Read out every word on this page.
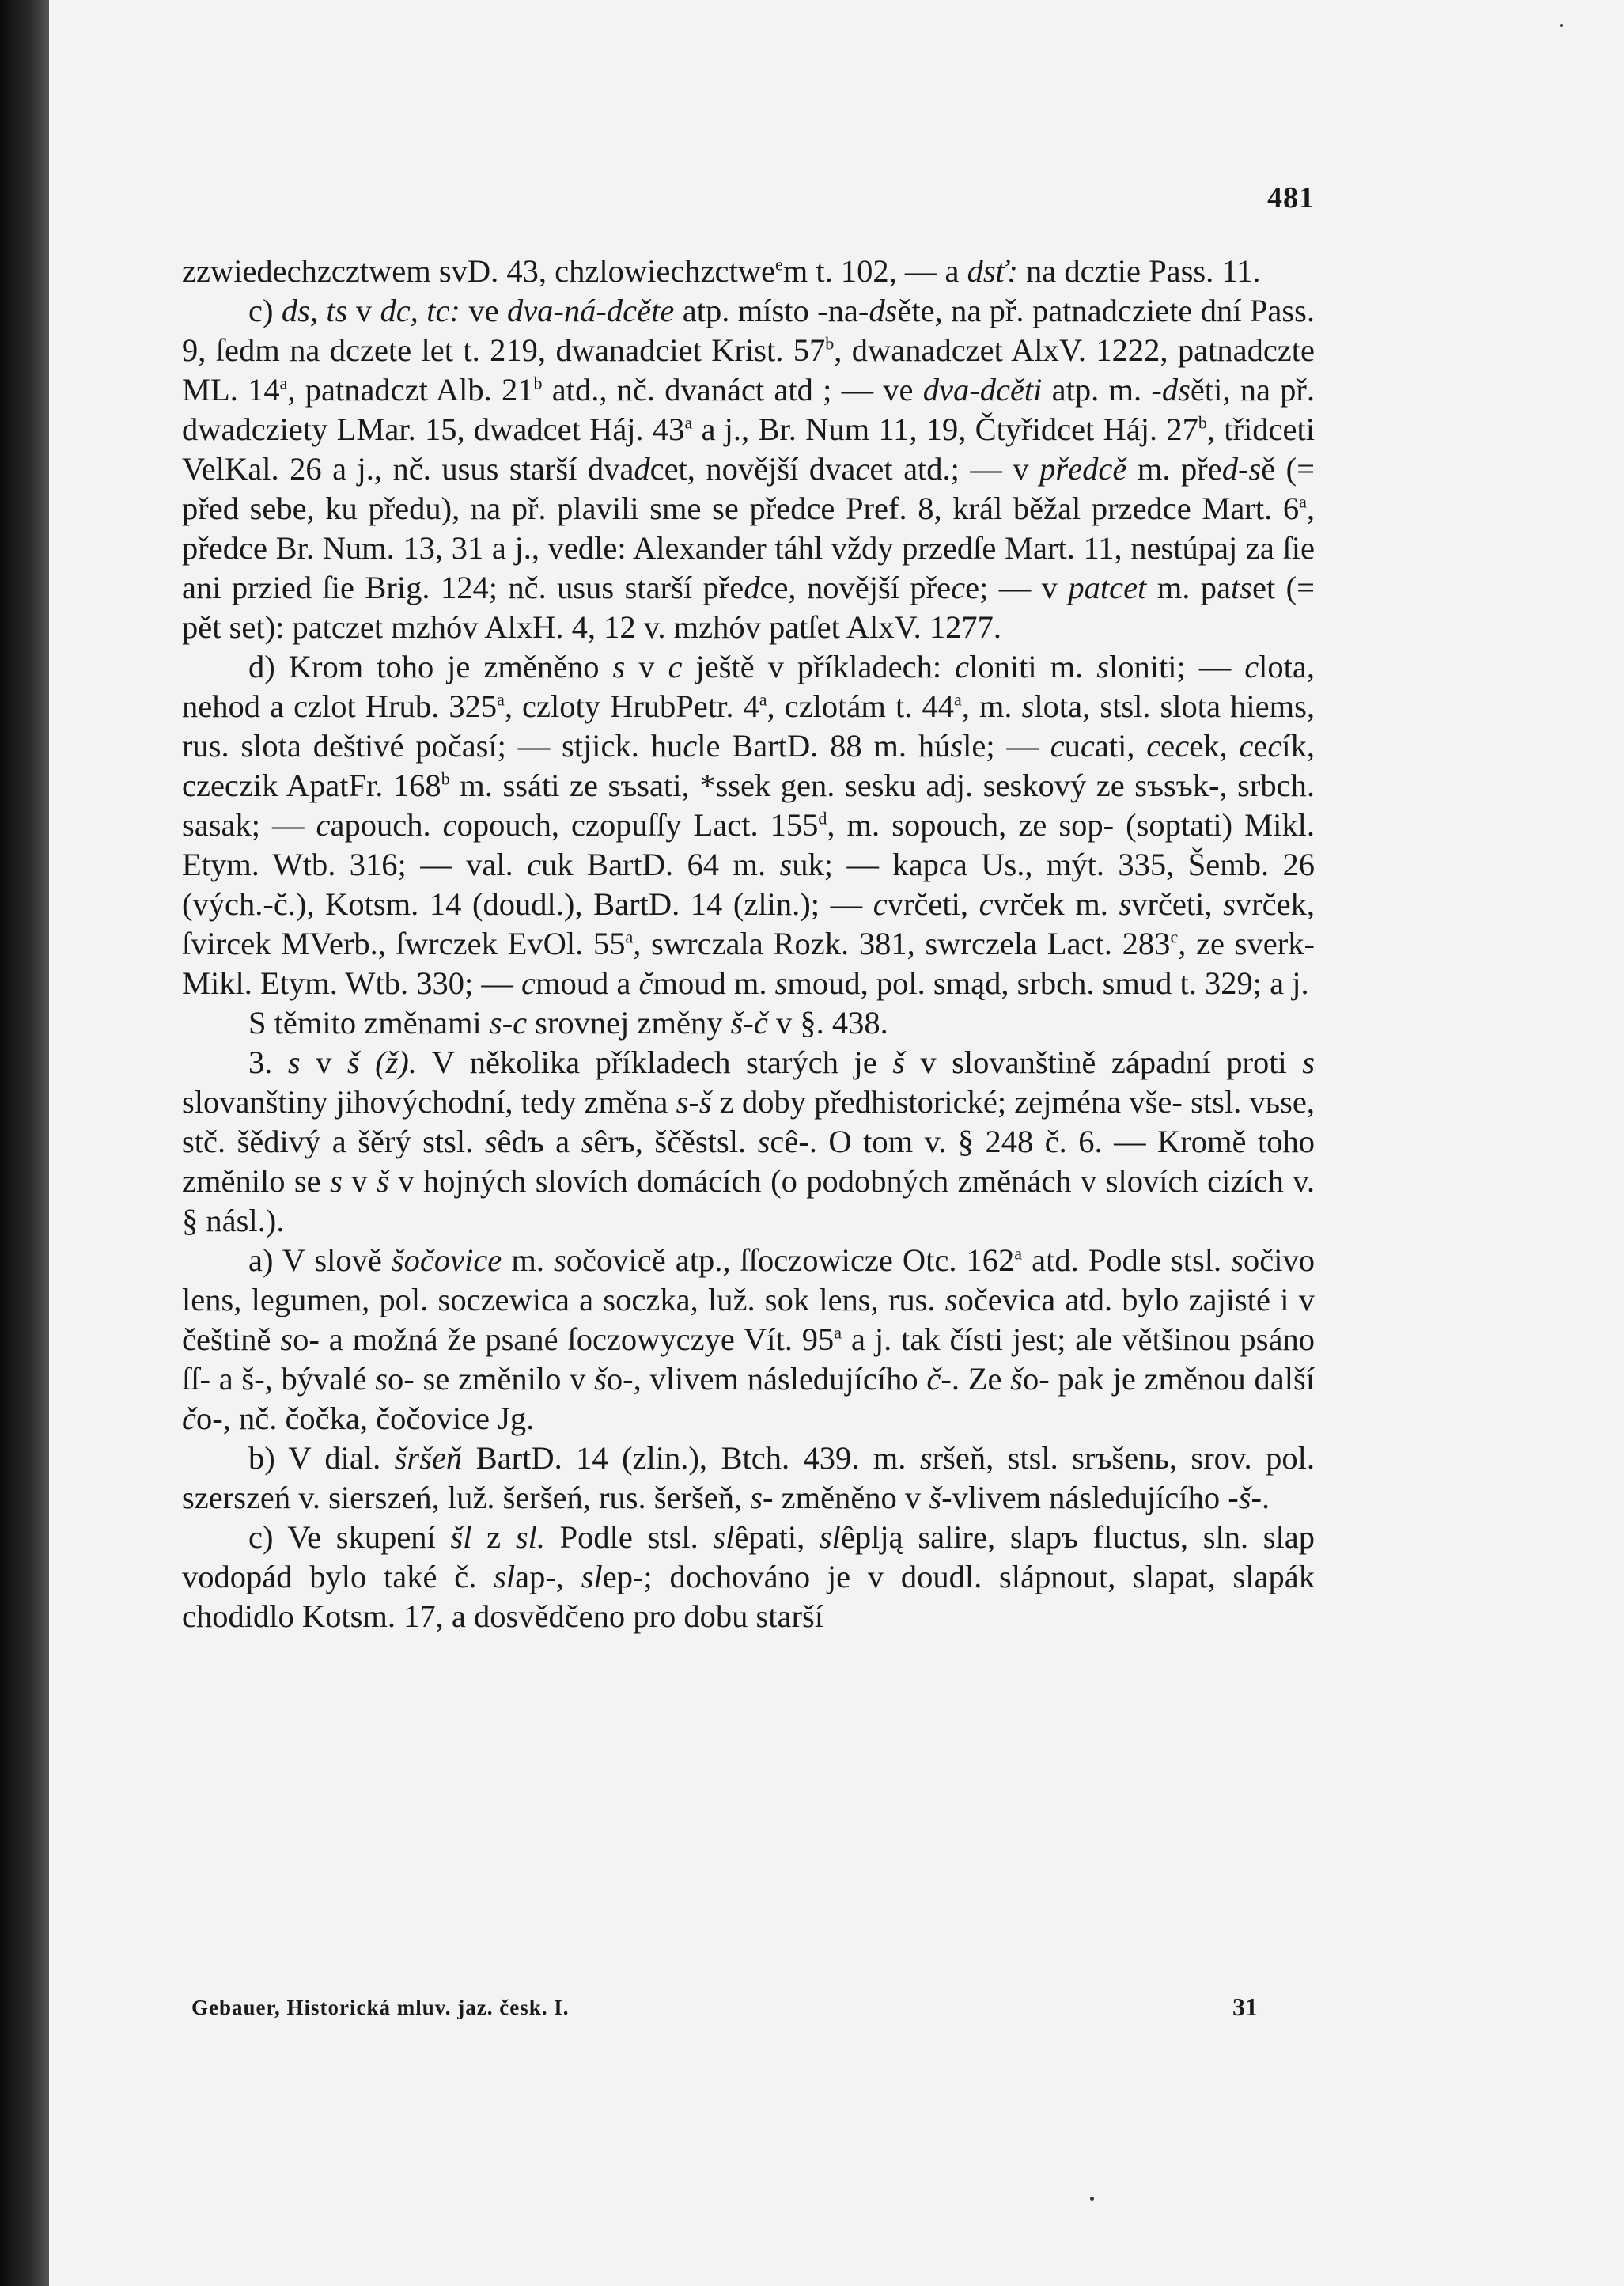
481

zzwiedechzcztwem svD. 43, chzlowiechzctwe$^e$m t. 102, — a dsť: na dcztie Pass. 11.

c) ds, ts v dc, tc: ve dva-ná-dcěte atp. místo -na-dsěte, na př. patnadcziete dní Pass. 9, ſedm na dczete let t. 219, dwanadciet Krist. 57$^b$, dwanadczet AlxV. 1222, patnadczte ML. 14$^a$, patnadczt Alb. 21$^b$ atd., nč. dvanáct atd ; — ve dva-dcěti atp. m. -dsěti, na př. dwadcziety LMar. 15, dwadcet Háj. 43$^a$ a j., Br. Num 11, 19, Čtyřidcet Háj. 27$^b$, třidceti VelKal. 26 a j., nč. usus starší dvadcet, novější dvacet atd.; — v předcě m. před-sě (= před sebe, ku předu), na př. plavili sme se předce Pref. 8, král běžal przedce Mart. 6$^a$, předce Br. Num. 13, 31 a j., vedle: Alexander táhl vždy przedſe Mart. 11, nestúpaj za ſie ani przied ſie Brig. 124; nč. usus starší předce, novější přece; — v patcet m. patset (= pět set): patczet mzhóv AlxH. 4, 12 v. mzhóv patſet AlxV. 1277.

d) Krom toho je změněno s v c ještě v příkladech: cloniti m. sloniti; — clota, nehod a czlot Hrub. 325$^a$, czloty HrubPetr. 4$^a$, czlotám t. 44$^a$, m. slota, stsl. slota hiems, rus. slota deštivé počasí; — stjick. hucle BartD. 88 m. húsle; — cucati, cecek, cecík, czeczik ApatFr. 168$^b$ m. ssáti ze sъsati, *ssek gen. sesku adj. seskový ze sъsъk-, srbch. sasak; — capouch. copouch, czopuſſy Lact. 155$^d$, m. sopouch, ze sop- (soptati) Mikl. Etym. Wtb. 316; — val. cuk BartD. 64 m. suk; — kapca Us., mýt. 335, Šemb. 26 (vých.-č.), Kotsm. 14 (doudl.), BartD. 14 (zlin.); — cvrčeti, cvrček m. svrčeti, svrček, ſvircek MVerb., ſwrczek EvOl. 55$^a$, swrczala Rozk. 381, swrczela Lact. 283$^c$, ze sverk- Mikl. Etym. Wtb. 330; — cmoud a čmoud m. smoud, pol. smąd, srbch. smud t. 329; a j.

S těmito změnami s-c srovnej změny š-č v §. 438.

3. s v š (ž). V několika příkladech starých je š v slovanštině západní proti s slovanštiny jihovýchodní, tedy změna s-š z doby předhistorické; zejména vše- stsl. vьse, stč. šědivý a šěrý stsl. sêdъ a sêrъ, ščěstsl. scê-. O tom v. § 248 č. 6. — Kromě toho změnilo se s v š v hojných slovích domácích (o podobných změnách v slovích cizích v. § násl.).

a) V slově šočovice m. sočovicě atp., ſſoczowicze Otc. 162$^a$ atd. Podle stsl. sočivo lens, legumen, pol. soczewica a soczka, luž. sok lens, rus. sočevica atd. bylo zajisté i v češtině so- a možná že psané ſoczowyczye Vít. 95$^a$ a j. tak čísti jest; ale většinou psáno ſſ- a š-, bývalé so- se změnilo v šo-, vlivem následujícího č-. Ze šo- pak je změnou další čo-, nč. čočka, čočovice Jg.

b) V dial. šršeň BartD. 14 (zlin.), Btch. 439. m. sršeň, stsl. srъšenь, srov. pol. szerszeń v. sierszeń, luž. šeršeń, rus. šeršeň, s- změněno v š-vlivem následujícího -š-.

c) Ve skupení šl z sl. Podle stsl. slêpati, slêplją salire, slapъ fluctus, sln. slap vodopád bylo také č. slap-, slep-; dochováno je v doudl. slápnout, slapat, slapák chodidlo Kotsm. 17, a dosvědčeno pro dobu starší

Gebauer, Historická mluv. jaz. česk. I.	31
